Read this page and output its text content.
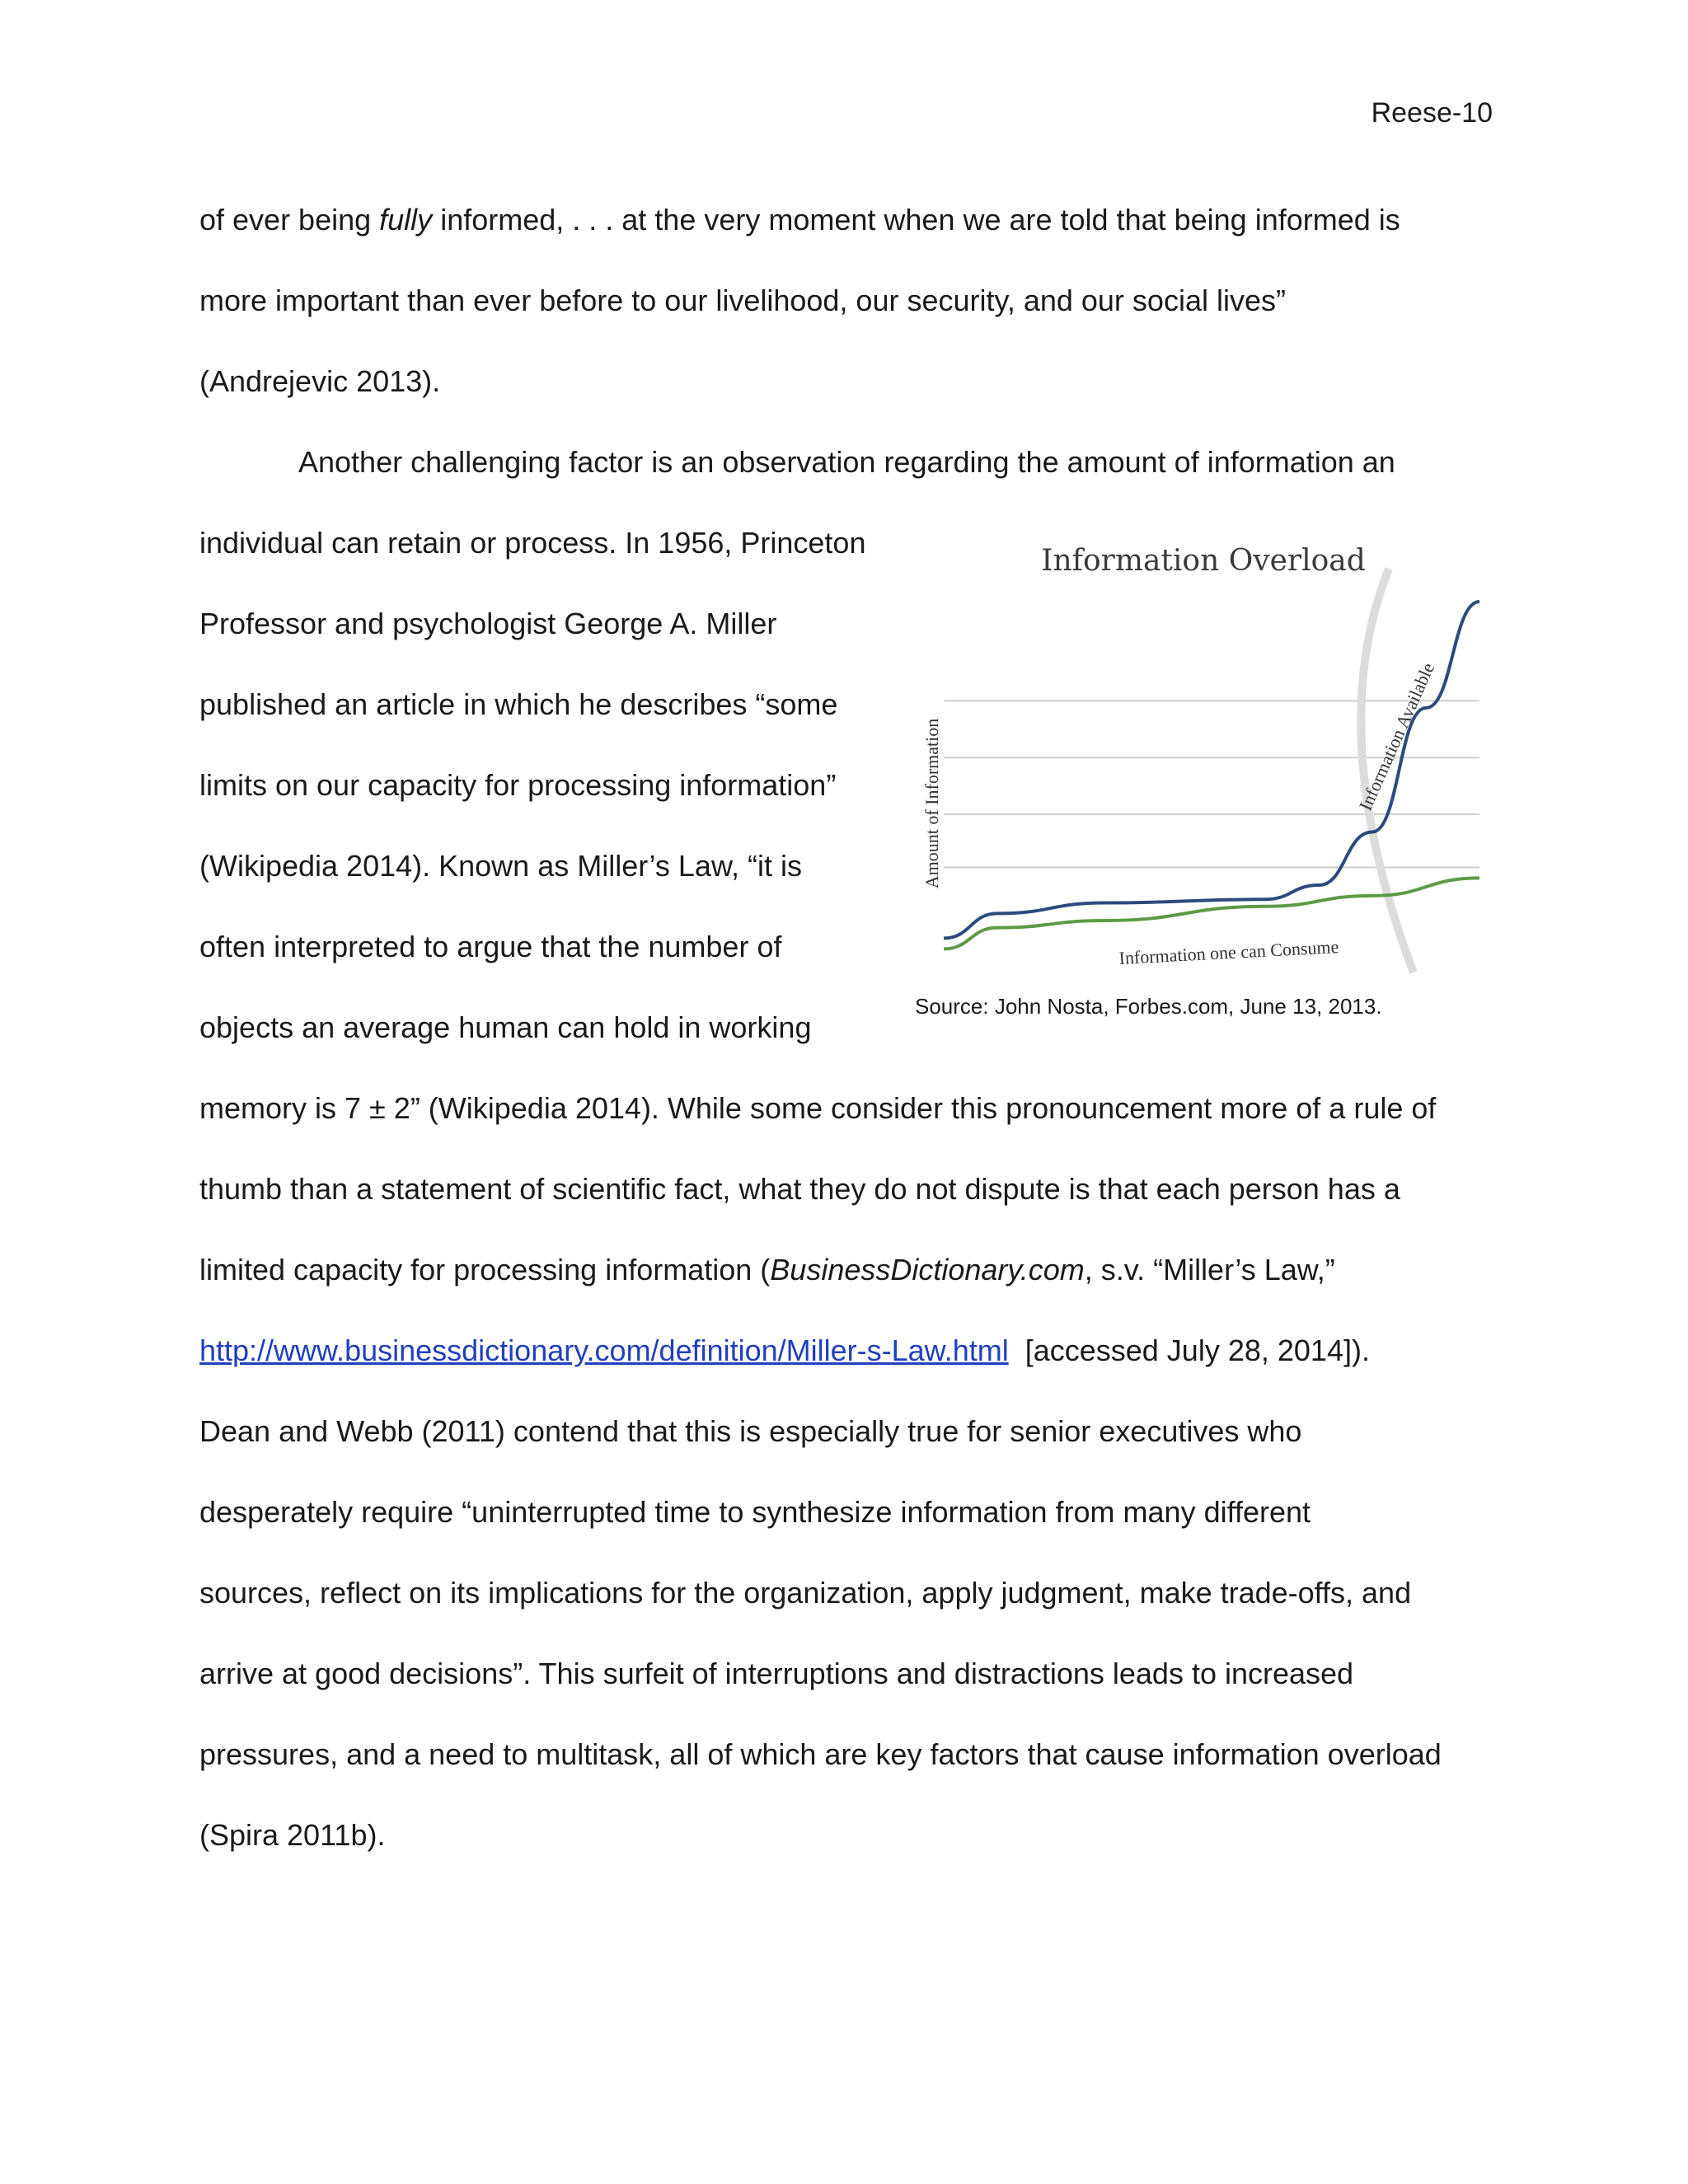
Reese-10
of ever being fully informed, . . . at the very moment when we are told that being informed is
more important than ever before to our livelihood, our security, and our social lives”
(Andrejevic 2013).
Another challenging factor is an observation regarding the amount of information an
individual can retain or process. In 1956, Princeton
Professor and psychologist George A. Miller
published an article in which he describes “some
limits on our capacity for processing information”
(Wikipedia 2014). Known as Miller’s Law, “it is
often interpreted to argue that the number of
objects an average human can hold in working
memory is 7 ± 2” (Wikipedia 2014). While some consider this pronouncement more of a rule of
thumb than a statement of scientific fact, what they do not dispute is that each person has a
limited capacity for processing information (BusinessDictionary.com, s.v. “Miller’s Law,”
http://www.businessdictionary.com/definition/Miller-s-Law.html [accessed July 28, 2014]).
Dean and Webb (2011) contend that this is especially true for senior executives who
desperately require “uninterrupted time to synthesize information from many different
sources, reflect on its implications for the organization, apply judgment, make trade-offs, and
arrive at good decisions”. This surfeit of interruptions and distractions leads to increased
pressures, and a need to multitask, all of which are key factors that cause information overload
(Spira 2011b).
Information Overload
Amount of Information	Information Available
Information one can Consume
Source: John Nosta, Forbes.com, June 13, 2013.
